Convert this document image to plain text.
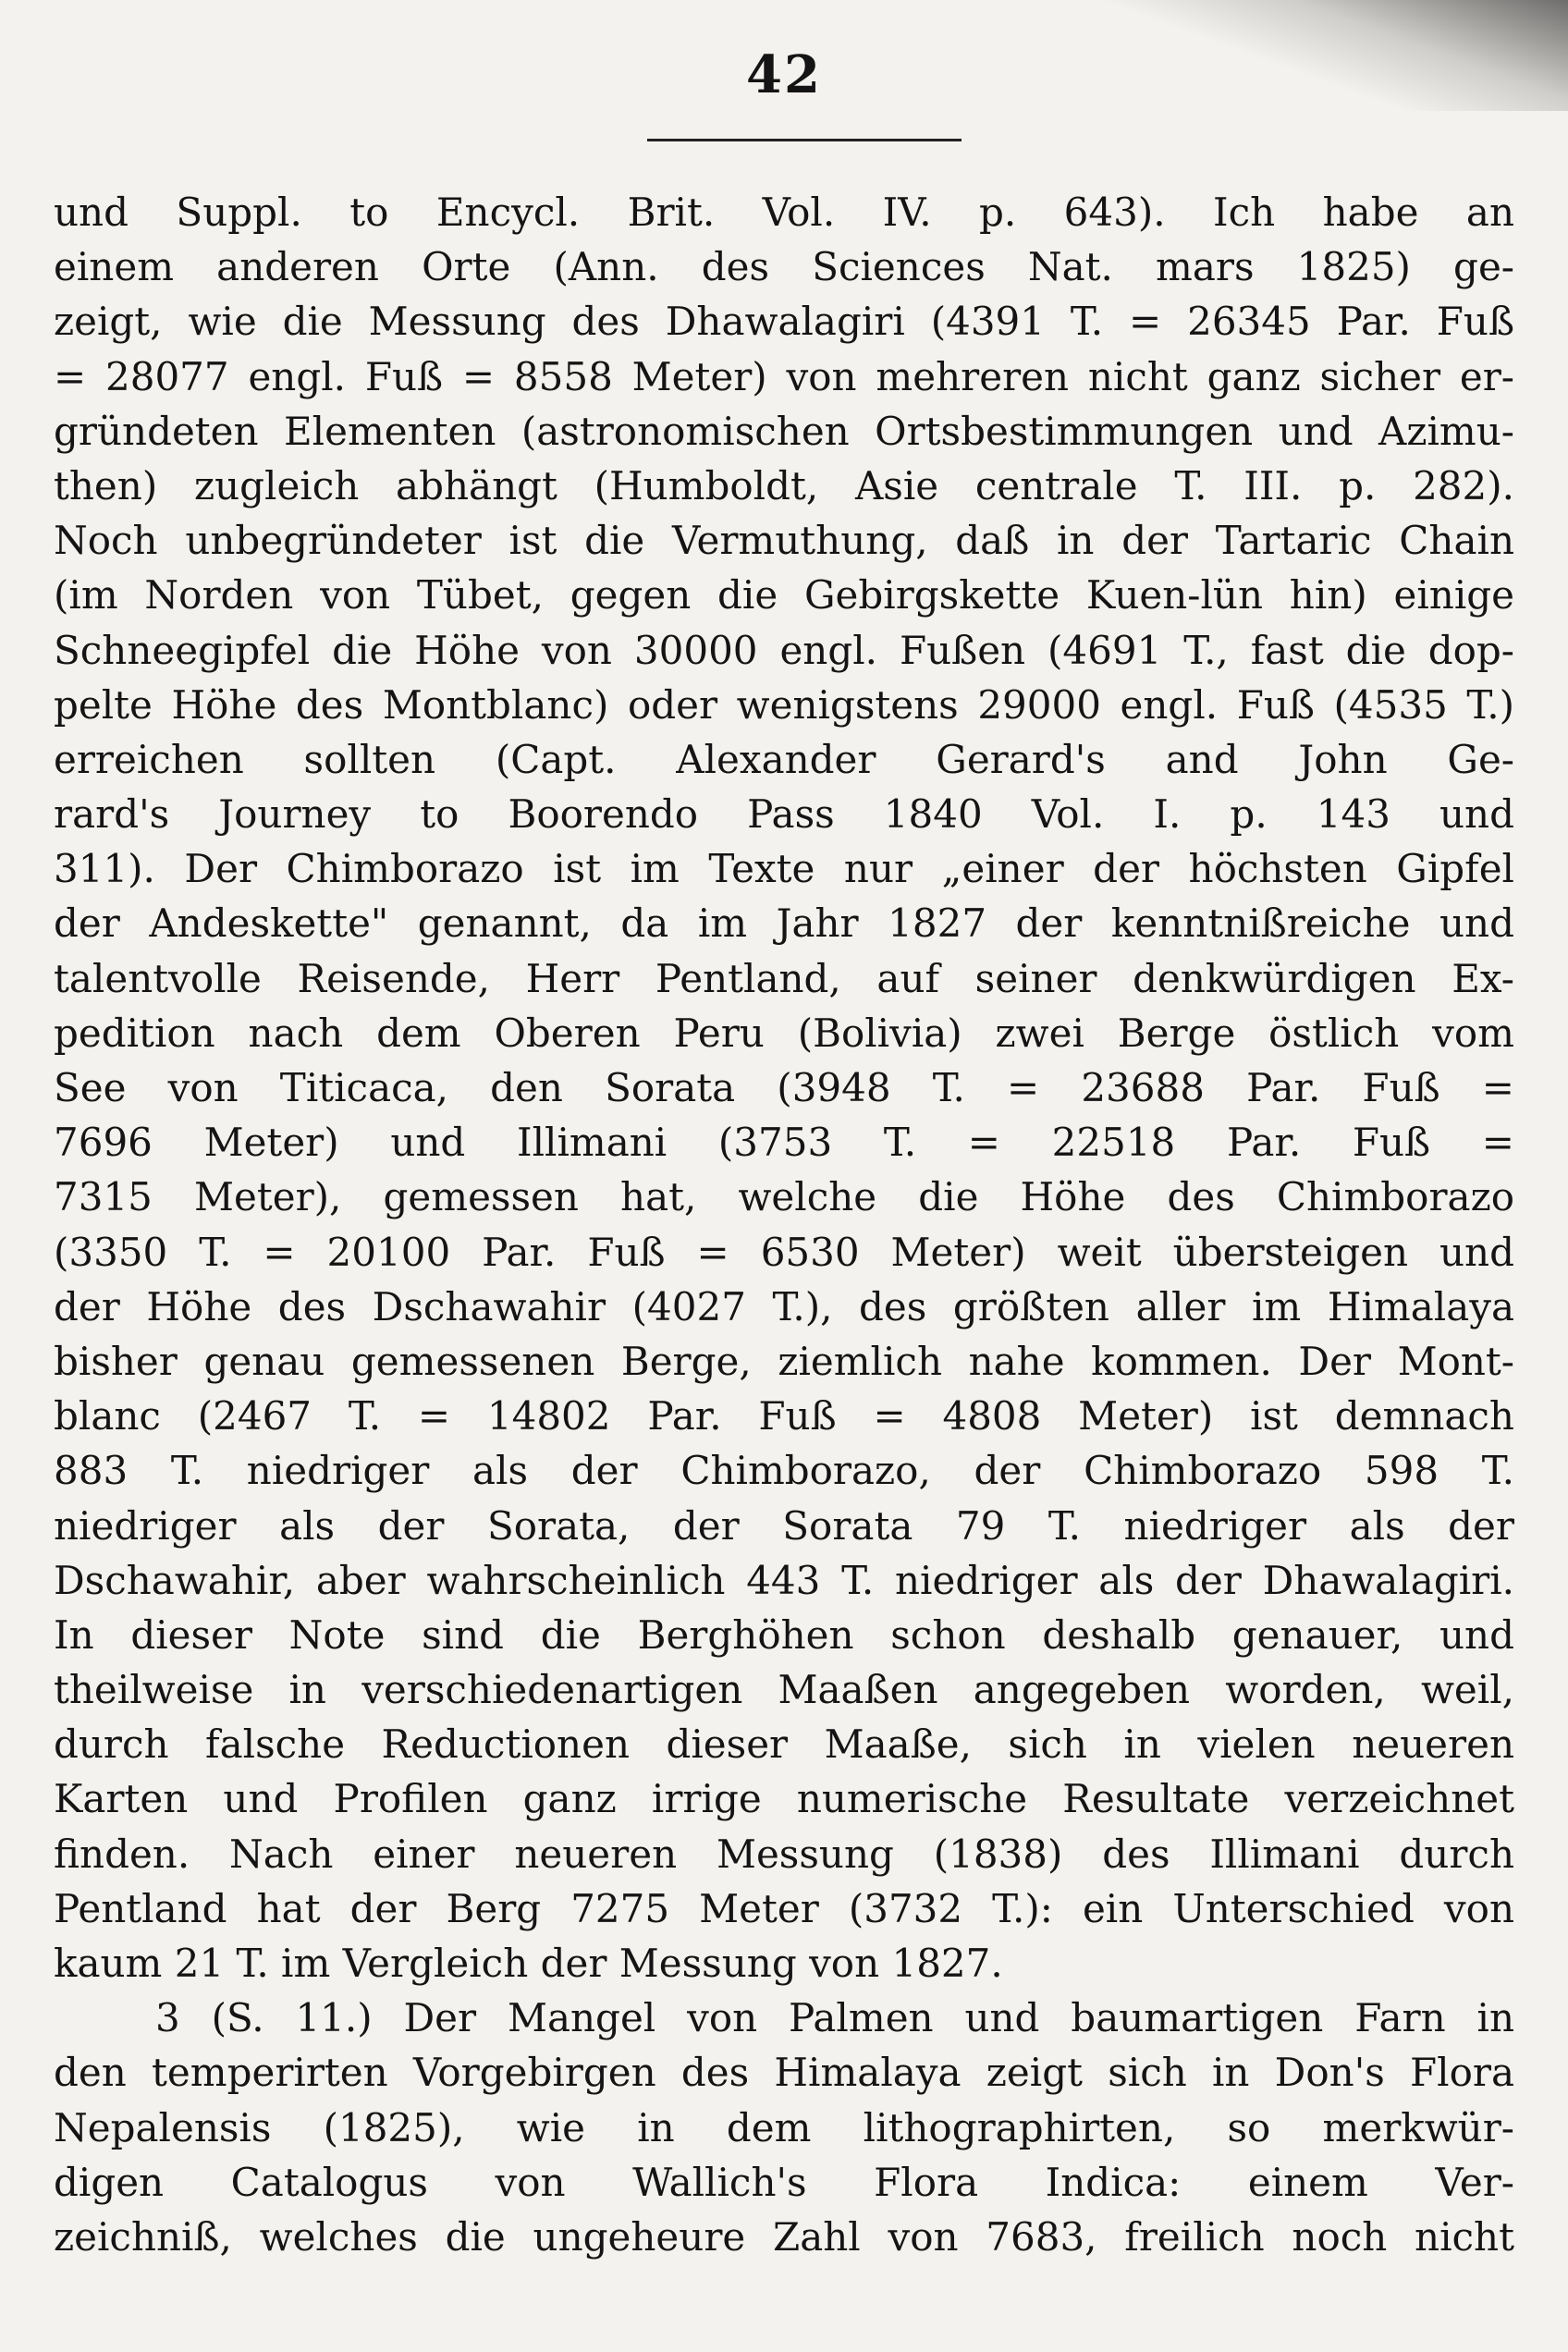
42
und Suppl. to Encycl. Brit. Vol. IV. p. 643). Ich habe an
einem anderen Orte (Ann. des Sciences Nat. mars 1825) ge-
zeigt, wie die Messung des Dhawalagiri (4391 T. = 26345 Par. Fuß
= 28077 engl. Fuß = 8558 Meter) von mehreren nicht ganz sicher er-
gründeten Elementen (astronomischen Ortsbestimmungen und Azimu-
then) zugleich abhängt (Humboldt, Asie centrale T. III. p. 282).
Noch unbegründeter ist die Vermuthung, daß in der Tartaric Chain
(im Norden von Tübet, gegen die Gebirgskette Kuen-lün hin) einige
Schneegipfel die Höhe von 30000 engl. Fußen (4691 T., fast die dop-
pelte Höhe des Montblanc) oder wenigstens 29000 engl. Fuß (4535 T.)
erreichen sollten (Capt. Alexander Gerard's and John Ge-
rard's Journey to Boorendo Pass 1840 Vol. I. p. 143 und
311). Der Chimborazo ist im Texte nur „einer der höchsten Gipfel
der Andeskette" genannt, da im Jahr 1827 der kenntnißreiche und
talentvolle Reisende, Herr Pentland, auf seiner denkwürdigen Ex-
pedition nach dem Oberen Peru (Bolivia) zwei Berge östlich vom
See von Titicaca, den Sorata (3948 T. = 23688 Par. Fuß =
7696 Meter) und Illimani (3753 T. = 22518 Par. Fuß =
7315 Meter), gemessen hat, welche die Höhe des Chimborazo
(3350 T. = 20100 Par. Fuß = 6530 Meter) weit übersteigen und
der Höhe des Dschawahir (4027 T.), des größten aller im Himalaya
bisher genau gemessenen Berge, ziemlich nahe kommen. Der Mont-
blanc (2467 T. = 14802 Par. Fuß = 4808 Meter) ist demnach
883 T. niedriger als der Chimborazo, der Chimborazo 598 T.
niedriger als der Sorata, der Sorata 79 T. niedriger als der
Dschawahir, aber wahrscheinlich 443 T. niedriger als der Dhawalagiri.
In dieser Note sind die Berghöhen schon deshalb genauer, und
theilweise in verschiedenartigen Maaßen angegeben worden, weil,
durch falsche Reductionen dieser Maaße, sich in vielen neueren
Karten und Profilen ganz irrige numerische Resultate verzeichnet
finden. Nach einer neueren Messung (1838) des Illimani durch
Pentland hat der Berg 7275 Meter (3732 T.): ein Unterschied von
kaum 21 T. im Vergleich der Messung von 1827.
3 (S. 11.) Der Mangel von Palmen und baumartigen Farn in
den temperirten Vorgebirgen des Himalaya zeigt sich in Don's Flora
Nepalensis (1825), wie in dem lithographirten, so merkwür-
digen Catalogus von Wallich's Flora Indica: einem Ver-
zeichniß, welches die ungeheure Zahl von 7683, freilich noch nicht
